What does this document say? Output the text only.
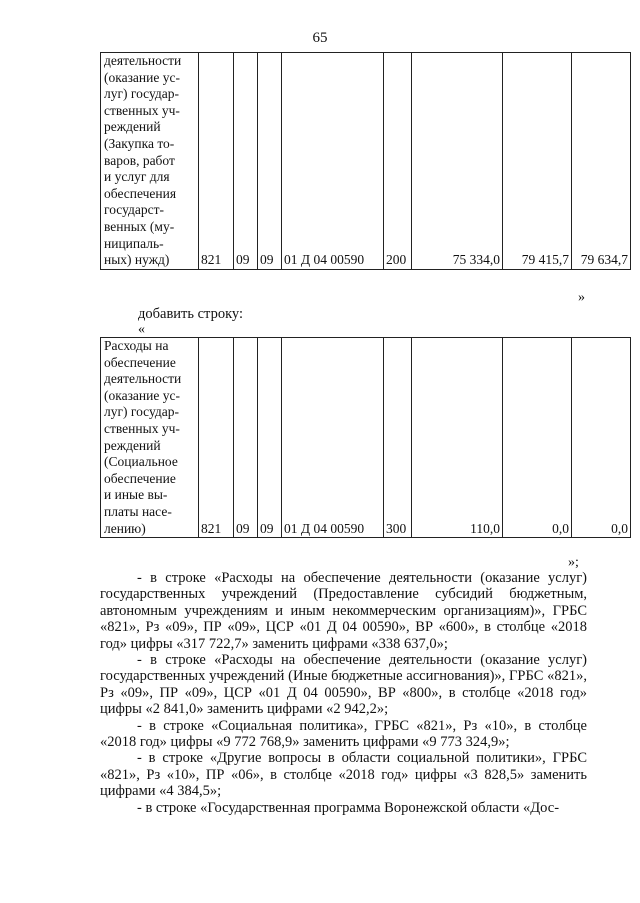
65
деятельности
(оказание ус-
луг) государ-
ственных уч-
реждений
(Закупка то-
варов, работ
и услуг для
обеспечения
государст-
венных (му-
ниципаль-
ных) нужд)	821	09	09	01 Д 04 00590	200	75 334,0	79 415,7	79 634,7
»
добавить строку:
«
Расходы на
обеспечение
деятельности
(оказание ус-
луг) государ-
ственных уч-
реждений
(Социальное
обеспечение
и иные вы-
платы насе-
лению)	821	09	09	01 Д 04 00590	300	110,0	0,0	0,0
»;

- в строке «Расходы на обеспечение деятельности (оказание услуг) государственных учреждений (Предоставление субсидий бюджетным, автономным учреждениям и иным некоммерческим организациям)», ГРБС «821», Рз «09», ПР «09», ЦСР «01 Д 04 00590», ВР «600», в столбце «2018 год» цифры «317 722,7» заменить цифрами «338 637,0»;

- в строке «Расходы на обеспечение деятельности (оказание услуг) государственных учреждений (Иные бюджетные ассигнования)», ГРБС «821», Рз «09», ПР «09», ЦСР «01 Д 04 00590», ВР «800», в столбце «2018 год» цифры «2 841,0» заменить цифрами «2 942,2»;

- в строке «Социальная политика», ГРБС «821», Рз «10», в столбце «2018 год» цифры «9 772 768,9» заменить цифрами «9 773 324,9»;

- в строке «Другие вопросы в области социальной политики», ГРБС «821», Рз «10», ПР «06», в столбце «2018 год» цифры «3 828,5» заменить цифрами «4 384,5»;

- в строке «Государственная программа Воронежской области «Дос-
